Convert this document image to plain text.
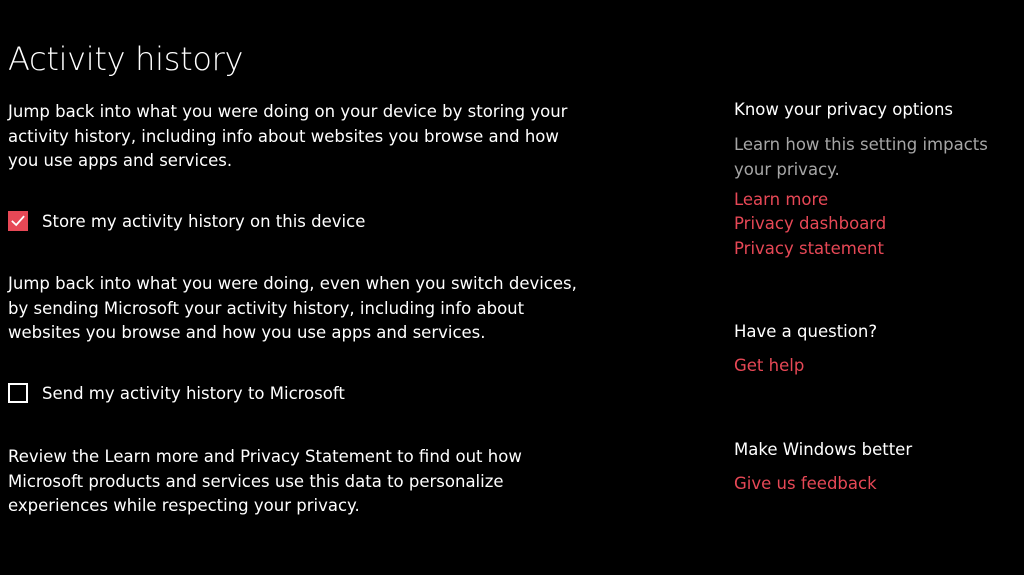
Activity history
Jump back into what you were doing on your device by storing your activity history, including info about websites you browse and how you use apps and services.
Store my activity history on this device
Jump back into what you were doing, even when you switch devices, by sending Microsoft your activity history, including info about websites you browse and how you use apps and services.
Send my activity history to Microsoft
Review the Learn more and Privacy Statement to find out how Microsoft products and services use this data to personalize experiences while respecting your privacy.
Know your privacy options
Learn how this setting impacts your privacy.
Learn more
Privacy dashboard
Privacy statement
Have a question?
Get help
Make Windows better
Give us feedback
